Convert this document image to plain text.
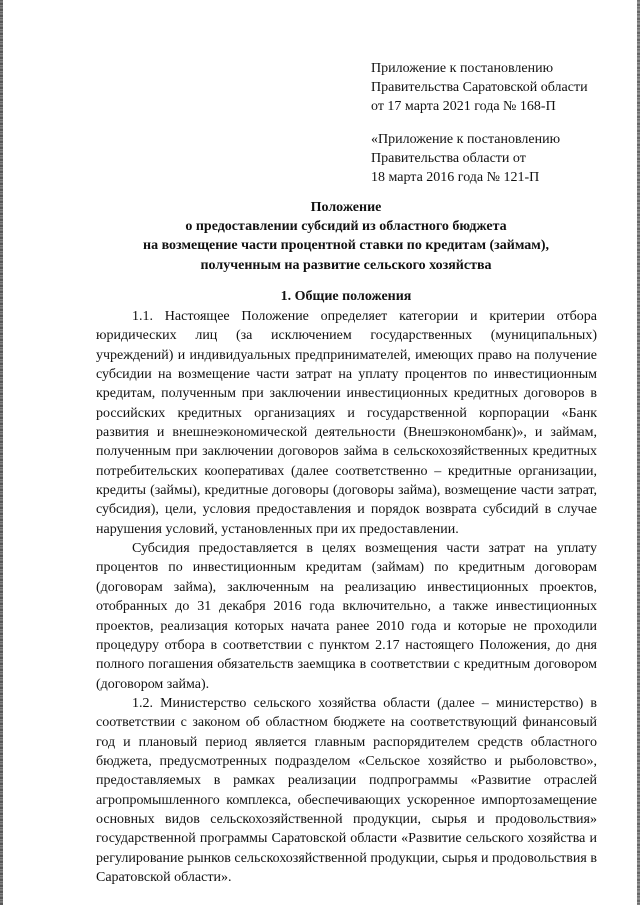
Приложение к постановлению
Правительства Саратовской области
от 17 марта 2021 года № 168-П
«Приложение к постановлению
Правительства области от
18 марта 2016 года № 121-П
Положение
о предоставлении субсидий из областного бюджета
на возмещение части процентной ставки по кредитам (займам),
полученным на развитие сельского хозяйства
1. Общие положения

1.1. Настоящее Положение определяет категории и критерии отбора юридических лиц (за исключением государственных (муниципальных) учреждений) и индивидуальных предпринимателей, имеющих право на получение субсидии на возмещение части затрат на уплату процентов по инвестиционным кредитам, полученным при заключении инвестиционных кредитных договоров в российских кредитных организациях и государственной корпорации «Банк развития и внешнеэкономической деятельности (Внешэкономбанк)», и займам, полученным при заключении договоров займа в сельскохозяйственных кредитных потребительских кооперативах (далее соответственно – кредитные организации, кредиты (займы), кредитные договоры (договоры займа), возмещение части затрат, субсидия), цели, условия предоставления и порядок возврата субсидий в случае нарушения условий, установленных при их предоставлении.

Субсидия предоставляется в целях возмещения части затрат на уплату процентов по инвестиционным кредитам (займам) по кредитным договорам (договорам займа), заключенным на реализацию инвестиционных проектов, отобранных до 31 декабря 2016 года включительно, а также инвестиционных проектов, реализация которых начата ранее 2010 года и которые не проходили процедуру отбора в соответствии с пунктом 2.17 настоящего Положения, до дня полного погашения обязательств заемщика в соответствии с кредитным договором (договором займа).

1.2. Министерство сельского хозяйства области (далее – министерство) в соответствии с законом об областном бюджете на соответствующий финансовый год и плановый период является главным распорядителем средств областного бюджета, предусмотренных подразделом «Сельское хозяйство и рыболовство», предоставляемых в рамках реализации подпрограммы «Развитие отраслей агропромышленного комплекса, обеспечивающих ускоренное импортозамещение основных видов сельскохозяйственной продукции, сырья и продовольствия» государственной программы Саратовской области «Развитие сельского хозяйства и регулирование рынков сельскохозяйственной продукции, сырья и продовольствия в Саратовской области».
